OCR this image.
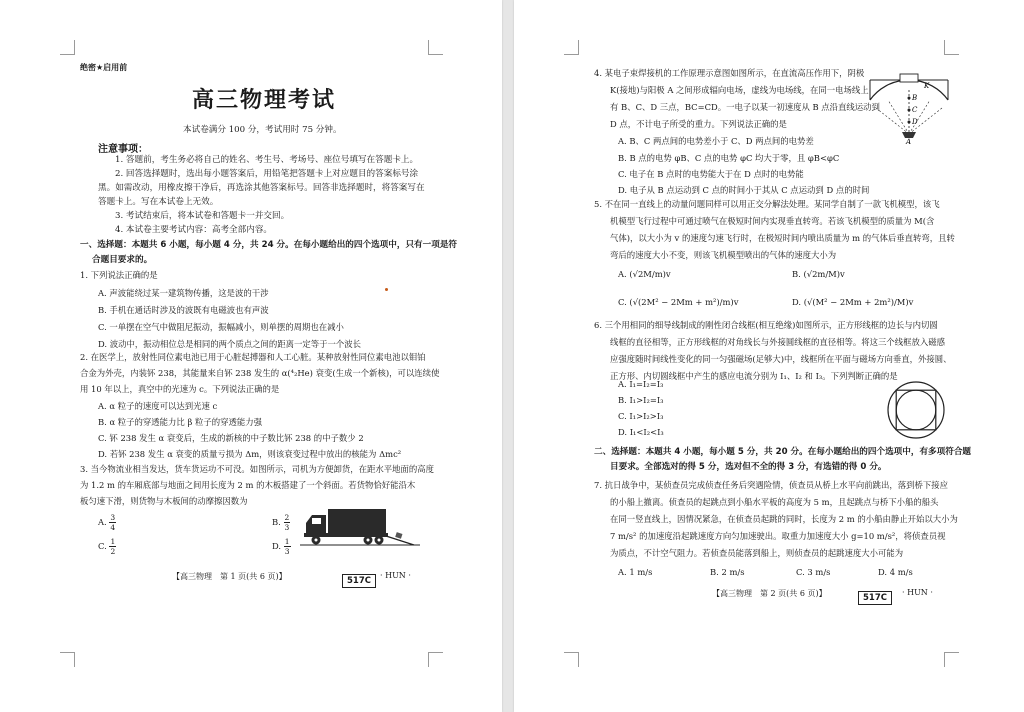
绝密★启用前
高三物理考试
本试卷满分 100 分，考试用时 75 分钟。
注意事项：
1. 答题前，考生务必将自己的姓名、考生号、考场号、座位号填写在答题卡上。
2. 回答选择题时，选出每小题答案后，用铅笔把答题卡上对应题目的答案标号涂
黑。如需改动，用橡皮擦干净后，再选涂其他答案标号。回答非选择题时，将答案写在
答题卡上。写在本试卷上无效。
3. 考试结束后，将本试卷和答题卡一并交回。
4. 本试卷主要考试内容：高考全部内容。
一、选择题：本题共 6 小题，每小题 4 分，共 24 分。在每小题给出的四个选项中，只有一项是符
合题目要求的。
1. 下列说法正确的是
A. 声波能绕过某一建筑物传播，这是波的干涉
B. 手机在通话时涉及的波既有电磁波也有声波
C. 一单摆在空气中做阻尼振动，振幅减小，则单摆的周期也在减小
D. 波动中，振动相位总是相同的两个质点之间的距离一定等于一个波长
2. 在医学上，放射性同位素电池已用于心脏起搏器和人工心脏。某种放射性同位素电池以钼铂
合金为外壳，内装钚 238，其能量来自钚 238 发生的 α(⁴₂He) 衰变(生成一个新核)，可以连续使
用 10 年以上，真空中的光速为 c。下列说法正确的是
A. α 粒子的速度可以达到光速 c
B. α 粒子的穿透能力比 β 粒子的穿透能力强
C. 钚 238 发生 α 衰变后，生成的新核的中子数比钚 238 的中子数少 2
D. 若钚 238 发生 α 衰变的质量亏损为 Δm，则该衰变过程中放出的核能为 Δmc²
3. 当今物流业相当发达，货车货运功不可没。如图所示，司机为方便卸货，在距水平地面的高度
为 1.2 m 的车厢底部与地面之间用长度为 2 m 的木板搭建了一个斜面。若货物恰好能沿木
板匀速下滑，则货物与木板间的动摩擦因数为
A. $\frac{3}{4}$	B. $\frac{2}{3}$
C. $\frac{1}{2}$	D. $\frac{1}{3}$
【高三物理　第 1 页(共 6 页)】	517C
· HUN ·
4. 某电子束焊接机的工作原理示意图如图所示，在直流高压作用下，阴极
K(接地)与阳极 A 之间形成辐向电场，虚线为电场线，在同一电场线上
有 B、C、D 三点，BC=CD。一电子以某一初速度从 B 点沿直线运动到
D 点，不计电子所受的重力。下列说法正确的是
A. B、C 两点间的电势差小于 C、D 两点间的电势差
B. B 点的电势 φB、C 点的电势 φC 均大于零，且 φB<φC
C. 电子在 B 点时的电势能大于在 D 点时的电势能
D. 电子从 B 点运动到 C 点的时间小于其从 C 点运动到 D 点的时间
K
B
C
D
A
5. 不在同一直线上的动量问题同样可以用正交分解法处理。某同学自制了一款飞机模型，该飞
机模型飞行过程中可通过喷气在极短时间内实现垂直转弯。若该飞机模型的质量为 M(含
气体)，以大小为 v 的速度匀速飞行时，在极短时间内喷出质量为 m 的气体后垂直转弯，且转
弯后的速度大小不变，则该飞机模型喷出的气体的速度大小为
A. (√2M/m)v	B. (√2m/M)v
C. (√(2M² − 2Mm + m²)/m)v	D. (√(M² − 2Mm + 2m²)/M)v
6. 三个用相同的细导线制成的刚性闭合线框(相互绝缘)如图所示，正方形线框的边长与内切圆
线框的直径相等，正方形线框的对角线长与外接圆线框的直径相等。将这三个线框放入磁感
应强度随时间线性变化的同一匀强磁场(足够大)中，线框所在平面与磁场方向垂直，外接圆、
正方形、内切圆线框中产生的感应电流分别为 I₁、I₂ 和 I₃。下列判断正确的是
A. I₁=I₂=I₃
B. I₁>I₂=I₃
C. I₁>I₂>I₃
D. I₁<I₂<I₃
二、选择题：本题共 4 小题，每小题 5 分，共 20 分。在每小题给出的四个选项中，有多项符合题
目要求。全部选对的得 5 分，选对但不全的得 3 分，有选错的得 0 分。
7. 抗日战争中，某侦查员完成侦查任务后突遇险情，侦查员从桥上水平向前跳出，落到桥下接应
的小船上撤离。侦查员的起跳点到小船水平板的高度为 5 m，且起跳点与桥下小船的船头
在同一竖直线上，因情况紧急，在侦查员起跳的同时，长度为 2 m 的小船由静止开始以大小为
7 m/s² 的加速度沿起跳速度方向匀加速驶出。取重力加速度大小 g=10 m/s²，将侦查员视
为质点，不计空气阻力。若侦查员能落到船上，则侦查员的起跳速度大小可能为
A. 1 m/s	B. 2 m/s	C. 3 m/s	D. 4 m/s
【高三物理　第 2 页(共 6 页)】	517C
· HUN ·
